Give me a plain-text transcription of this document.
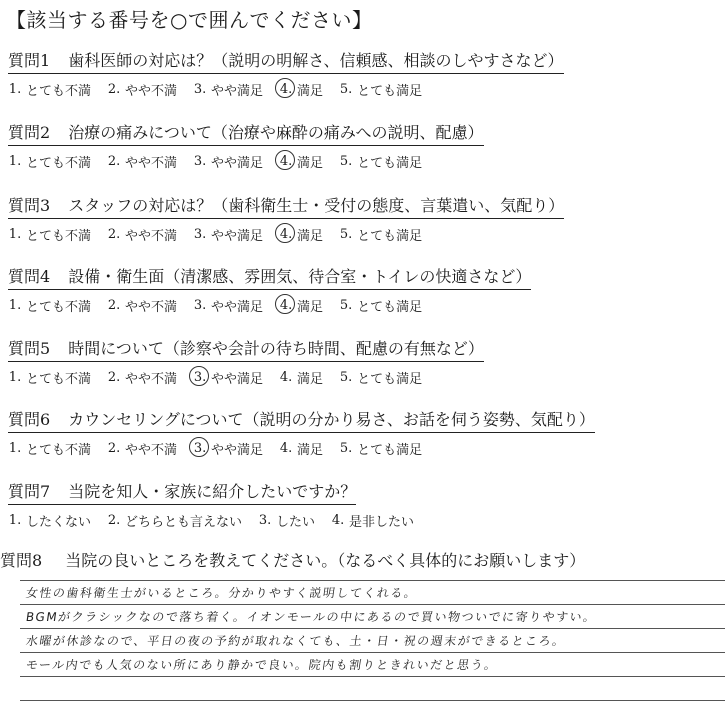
【該当する番号を○で囲んでください】
質問1 歯科医師の対応は？（説明の明解さ、信頼感、相談のしやすさなど）
1. とても不満 2. やや不満 3. やや満足 4. 満足 5. とても満足
質問2 治療の痛みについて（治療や麻酔の痛みへの説明、配慮）
1. とても不満 2. やや不満 3. やや満足 4. 満足 5. とても満足
質問3 スタッフの対応は？（歯科衛生士・受付の態度、言葉遣い、気配り）
1. とても不満 2. やや不満 3. やや満足 4. 満足 5. とても満足
質問4 設備・衛生面（清潔感、雰囲気、待合室・トイレの快適さなど）
1. とても不満 2. やや不満 3. やや満足 4. 満足 5. とても満足
質問5 時間について（診察や会計の待ち時間、配慮の有無など）
1. とても不満 2. やや不満 3. やや満足 4. 満足 5. とても満足
質問6 カウンセリングについて（説明の分かり易さ、お話を伺う姿勢、気配り）
1. とても不満 2. やや不満 3. やや満足 4. 満足 5. とても満足
質問7 当院を知人・家族に紹介したいですか？
1. したくない 2. どちらとも言えない 3. したい 4. 是非したい
質問8 当院の良いところを教えてください。（なるべく具体的にお願いします）
女性の歯科衛生士がいるところ。分かりやすく説明してくれる。
BGMがクラシックなので落ち着く。イオンモールの中にあるので買い物ついでに寄りやすい。
水曜が休診なので、平日の夜の予約が取れなくても、土・日・祝の週末ができるところ。
モール内でも人気のない所にあり静かで良い。院内も割りときれいだと思う。
